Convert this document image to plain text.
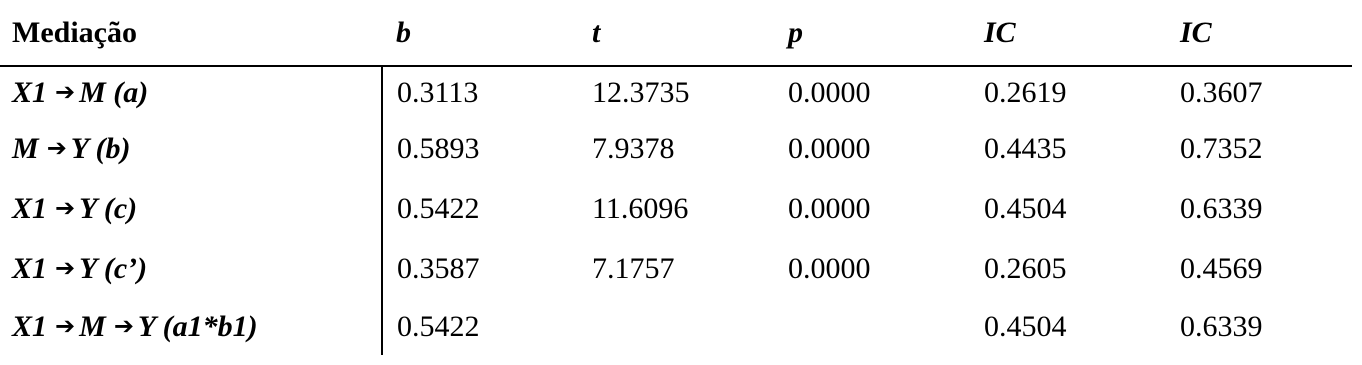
Mediação	b	t	p	IC	IC
X1 ➔ M (a)	0.3113	12.3735	0.0000	0.2619	0.3607
M ➔ Y (b)	0.5893	7.9378	0.0000	0.4435	0.7352
X1 ➔ Y (c)	0.5422	11.6096	0.0000	0.4504	0.6339
X1 ➔ Y (c’)	0.3587	7.1757	0.0000	0.2605	0.4569
X1 ➔ M ➔ Y (a1*b1)	0.5422			0.4504	0.6339
